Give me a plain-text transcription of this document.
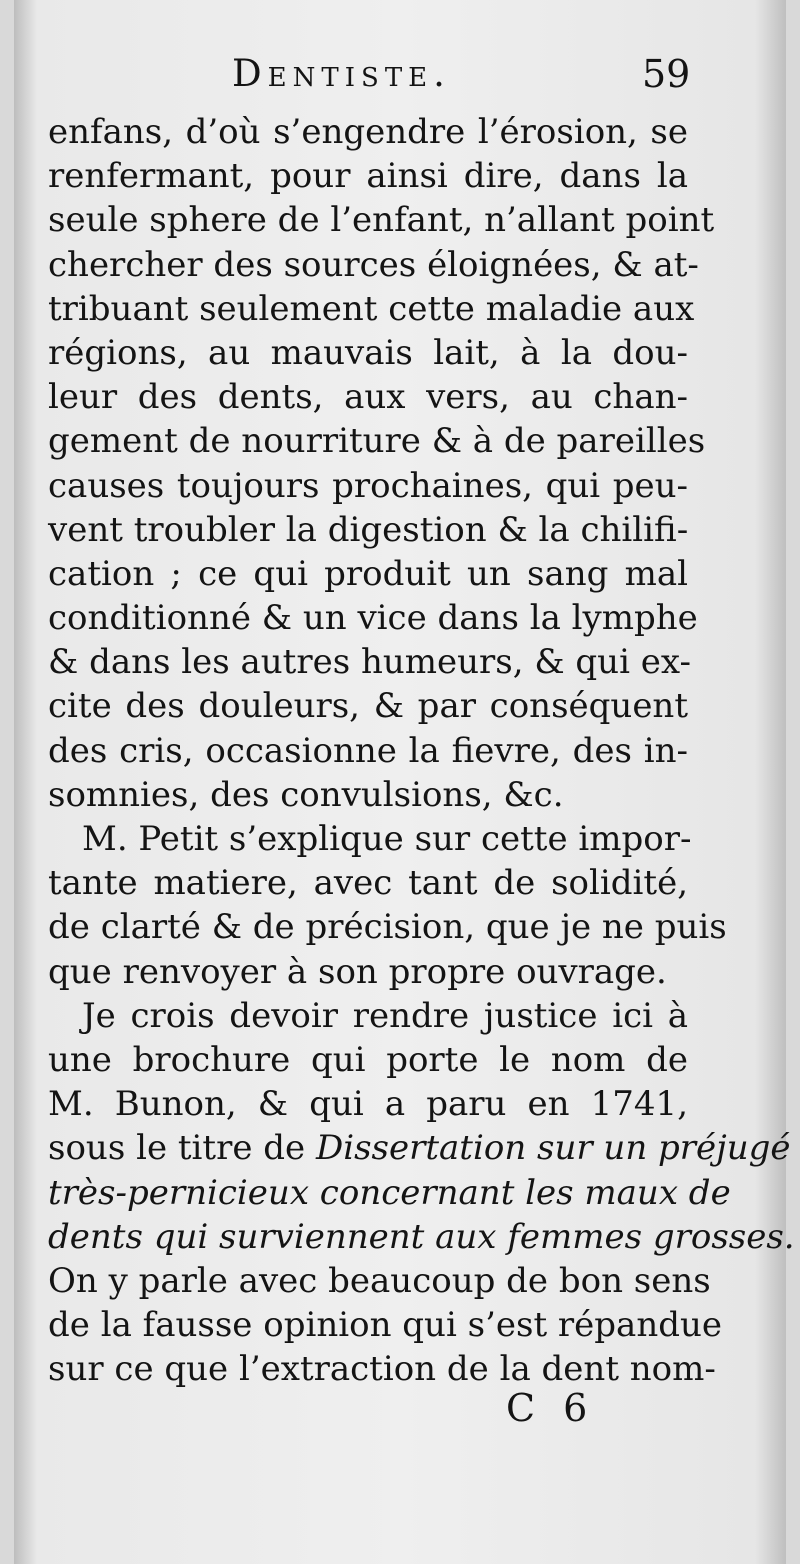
Dentiste.	59
enfans, d’où s’engendre l’érosion, se
renfermant, pour ainsi dire, dans la
seule sphere de l’enfant, n’allant point
chercher des sources éloignées, & at-
tribuant seulement cette maladie aux
régions, au mauvais lait, à la dou-
leur des dents, aux vers, au chan-
gement de nourriture & à de pareilles
causes toujours prochaines, qui peu-
vent troubler la digestion & la chilifi-
cation ; ce qui produit un sang mal
conditionné & un vice dans la lymphe
& dans les autres humeurs, & qui ex-
cite des douleurs, & par conséquent
des cris, occasionne la fievre, des in-
somnies, des convulsions, &c.
M. Petit s’explique sur cette impor-
tante matiere, avec tant de solidité,
de clarté & de précision, que je ne puis
que renvoyer à son propre ouvrage.
Je crois devoir rendre justice ici à
une brochure qui porte le nom de
M. Bunon, & qui a paru en 1741,
sous le titre de Dissertation sur un préjugé
très-pernicieux concernant les maux de
dents qui surviennent aux femmes grosses.
On y parle avec beaucoup de bon sens
de la fausse opinion qui s’est répandue
sur ce que l’extraction de la dent nom-
C 6
